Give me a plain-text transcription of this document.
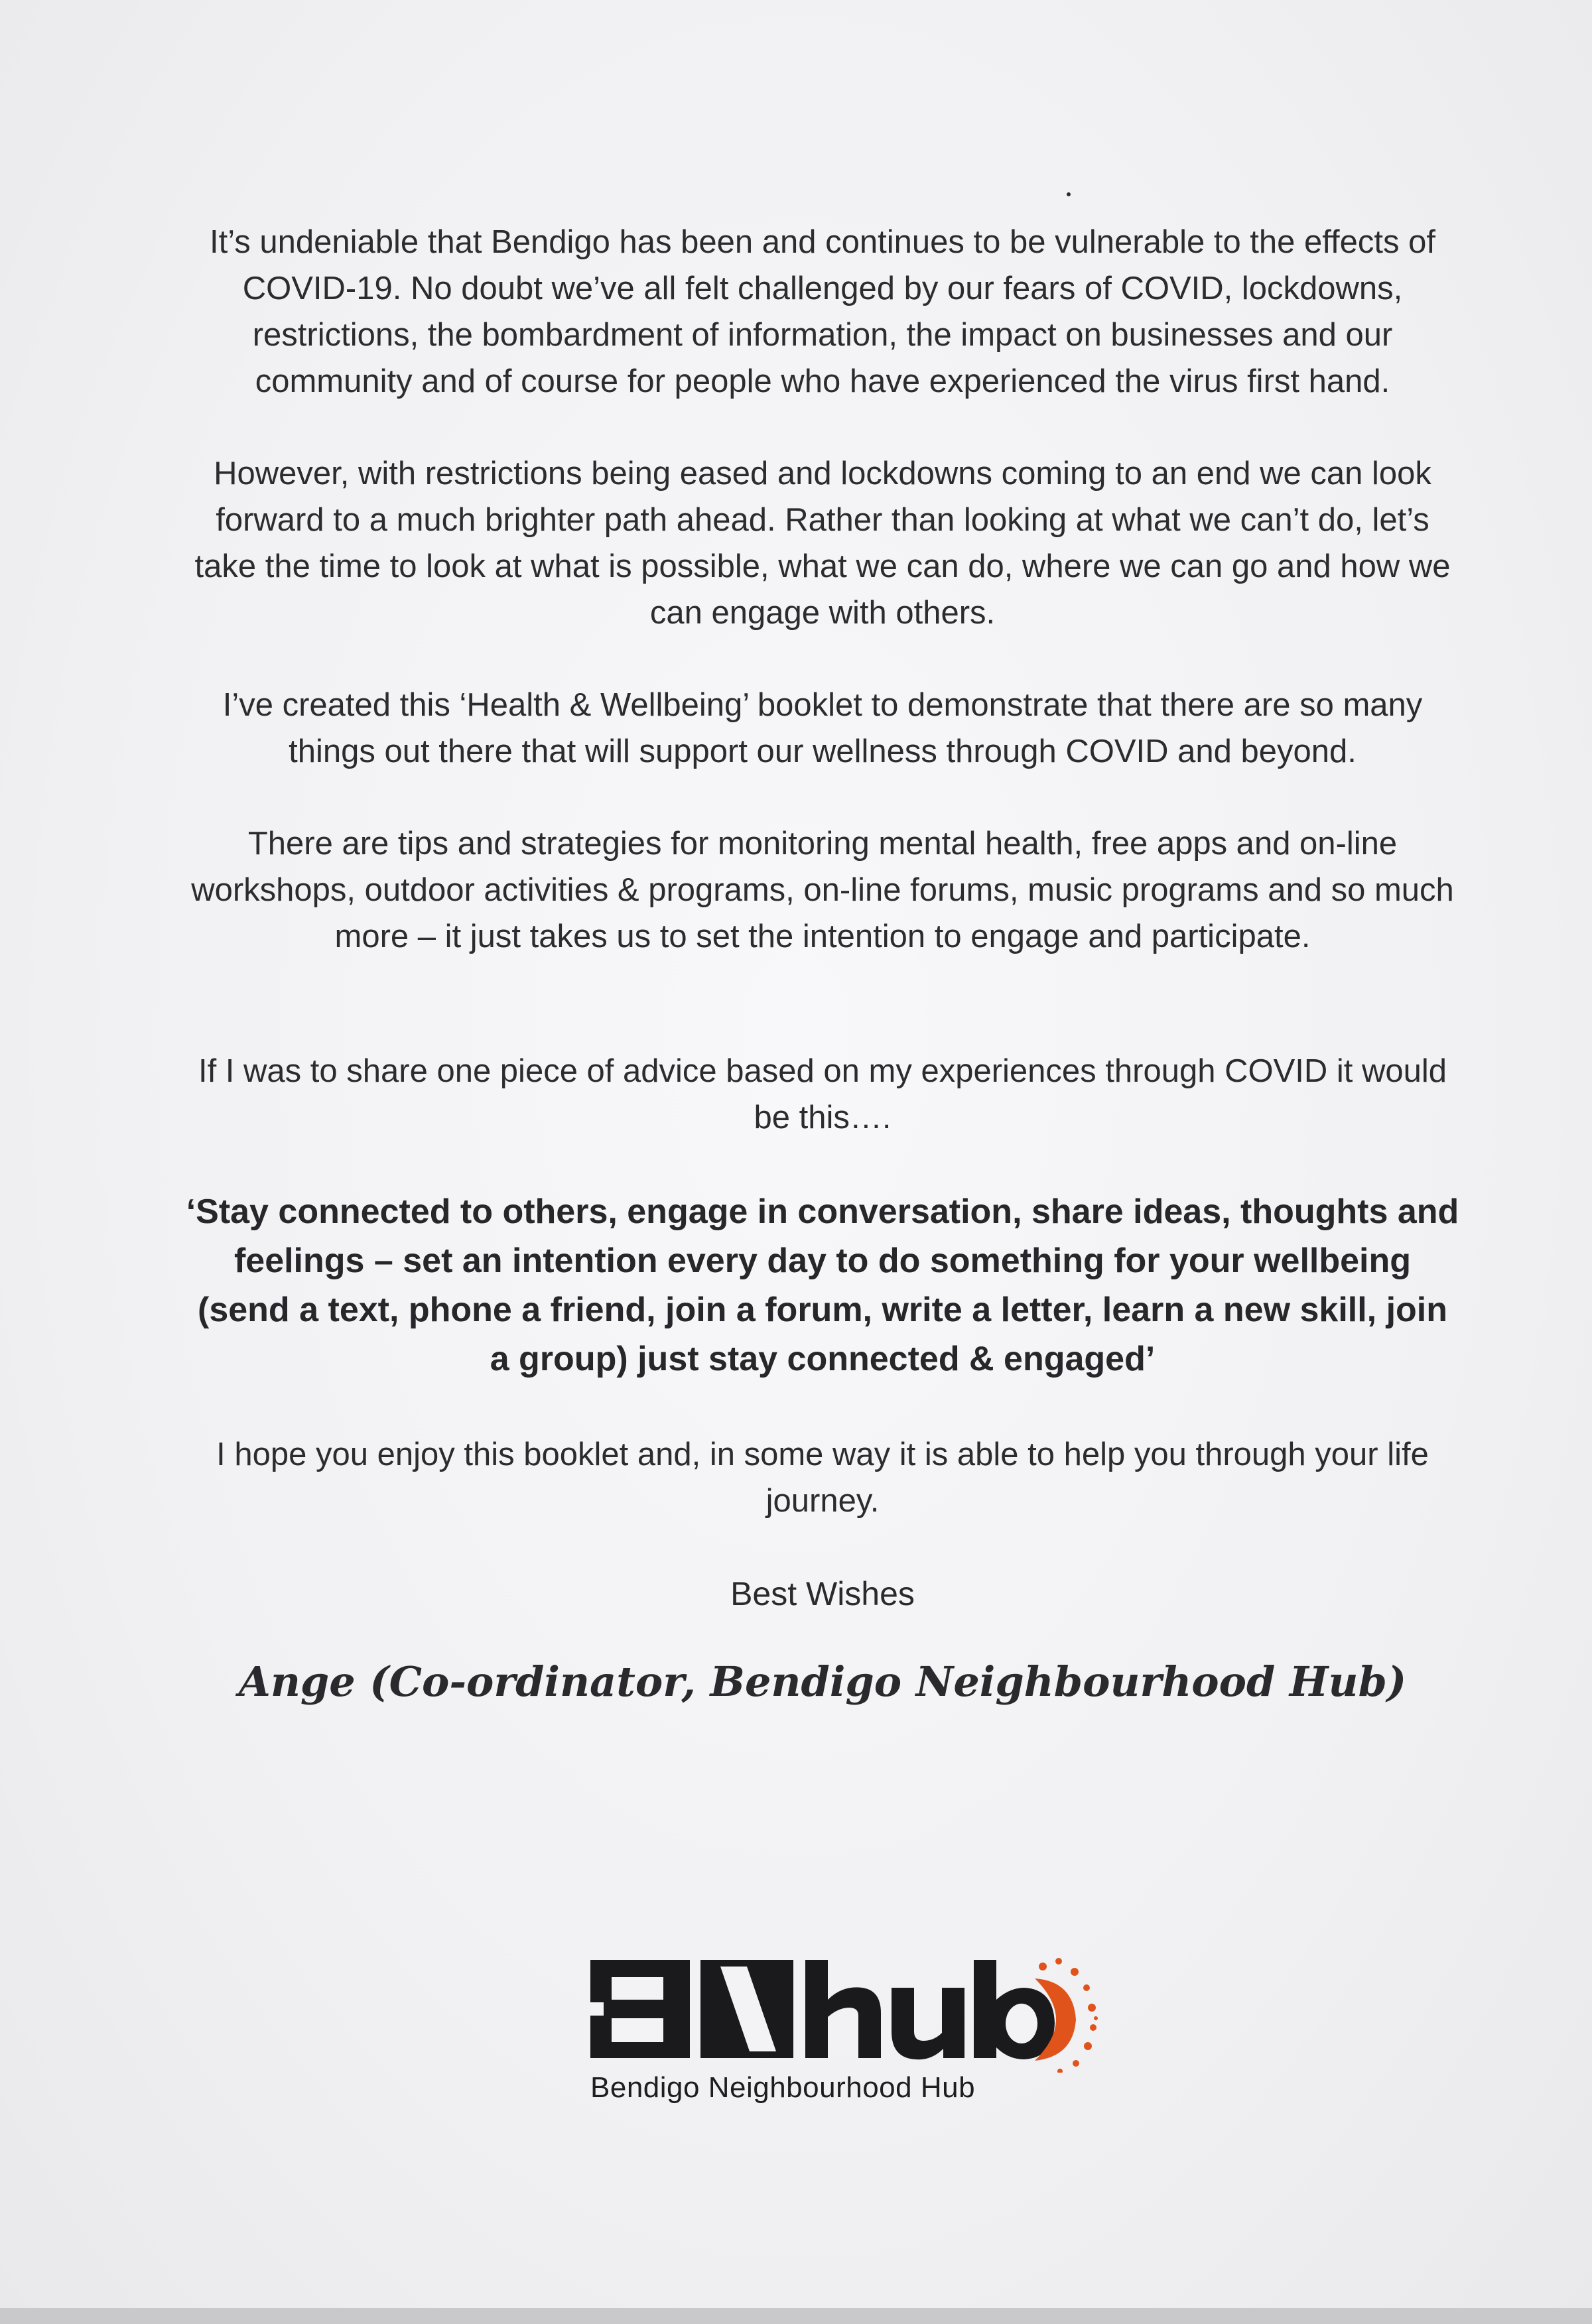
It’s undeniable that Bendigo has been and continues to be vulnerable to the effects of COVID-19. No doubt we’ve all felt challenged by our fears of COVID, lockdowns, restrictions, the bombardment of information, the impact on businesses and our community and of course for people who have experienced the virus first hand.

However, with restrictions being eased and lockdowns coming to an end we can look forward to a much brighter path ahead. Rather than looking at what we can’t do, let’s take the time to look at what is possible, what we can do, where we can go and how we can engage with others.

I’ve created this ‘Health & Wellbeing’ booklet to demonstrate that there are so many things out there that will support our wellness through COVID and beyond.

There are tips and strategies for monitoring mental health, free apps and on-line workshops, outdoor activities & programs, on-line forums, music programs and so much more – it just takes us to set the intention to engage and participate.

If I was to share one piece of advice based on my experiences through COVID it would be this….

‘Stay connected to others, engage in conversation, share ideas, thoughts and feelings – set an intention every day to do something for your wellbeing (send a text, phone a friend, join a forum, write a letter, learn a new skill, join a group) just stay connected & engaged’

I hope you enjoy this booklet and, in some way it is able to help you through your life journey.

Best Wishes

Ange (Co-ordinator, Bendigo Neighbourhood Hub)

Bendigo Neighbourhood Hub
